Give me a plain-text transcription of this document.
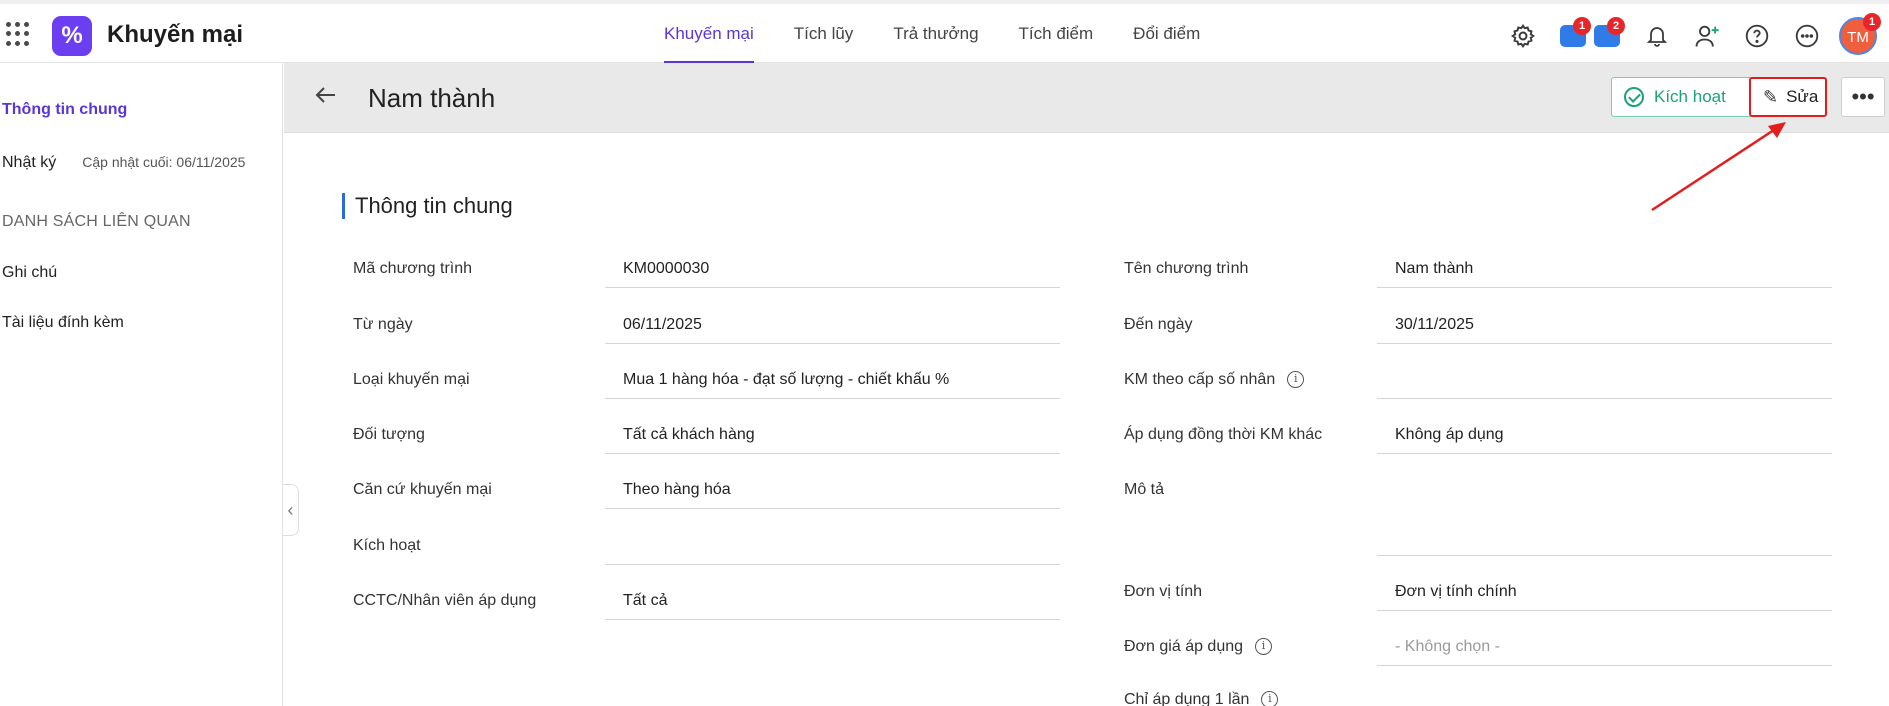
%	Khuyến mại	Khuyến mại Tích lũy Trả thưởng Tích điểm Đổi điểm	1	2
TM
1
Thông tin chung
Nhật ký Cập nhật cuối: 06/11/2025
DANH SÁCH LIÊN QUAN
Ghi chú
Tài liệu đính kèm
‹
Nam thành	Kích hoạt ✎ Sửa	•••
Thông tin chung
Mã chương trình	KM0000030
Từ ngày	06/11/2025
Loại khuyến mại	Mua 1 hàng hóa - đạt số lượng - chiết khấu %
Đối tượng	Tất cả khách hàng
Căn cứ khuyến mại	Theo hàng hóa
Kích hoạt
CCTC/Nhân viên áp dụng	Tất cả
Tên chương trình	Nam thành
Đến ngày	30/11/2025
KM theo cấp số nhân i
Áp dụng đồng thời KM khác	Không áp dụng
Mô tả
Đơn vị tính	Đơn vị tính chính
Đơn giá áp dụng i	- Không chọn -
Chỉ áp dụng 1 lần i
